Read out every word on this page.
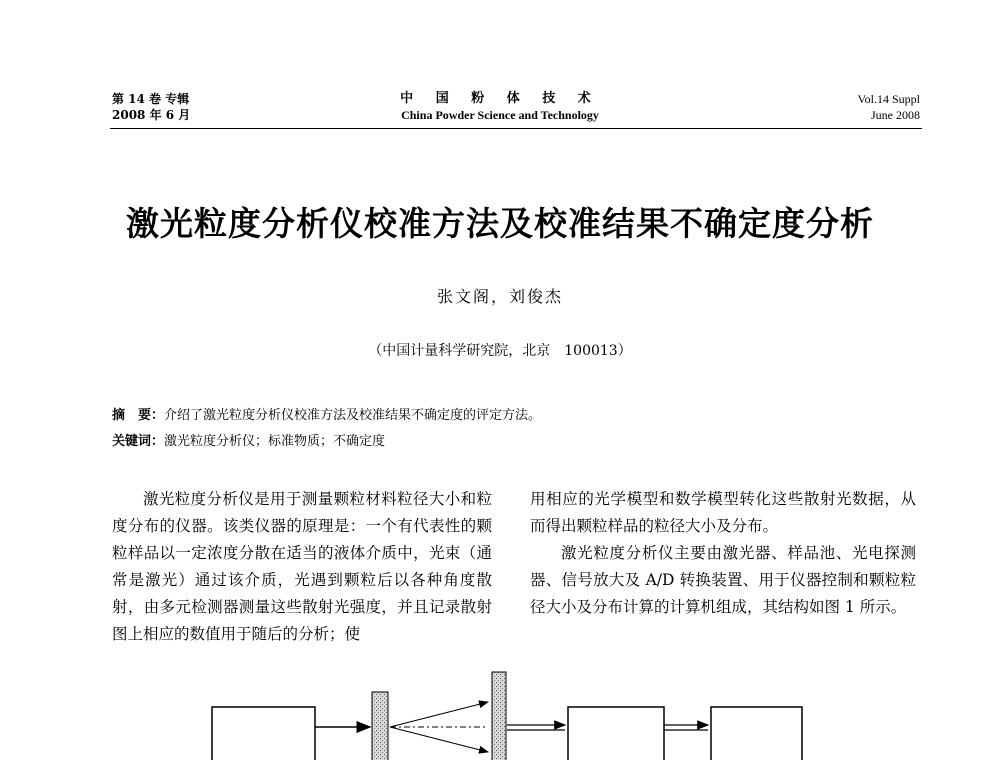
第 14 卷 专辑
2008 年 6 月
中 国 粉 体 技 术
China Powder Science and Technology
Vol.14 Suppl
June 2008
激光粒度分析仪校准方法及校准结果不确定度分析
张文阁，刘俊杰
（中国计量科学研究院，北京　100013）
摘　要：介绍了激光粒度分析仪校准方法及校准结果不确定度的评定方法。
关键词：激光粒度分析仪；标准物质；不确定度

激光粒度分析仪是用于测量颗粒材料粒径大小和粒度分布的仪器。该类仪器的原理是：一个有代表性的颗粒样品以一定浓度分散在适当的液体介质中，光束（通常是激光）通过该介质，光遇到颗粒后以各种角度散射，由多元检测器测量这些散射光强度，并且记录散射图上相应的数值用于随后的分析；使

用相应的光学模型和数学模型转化这些散射光数据，从而得出颗粒样品的粒径大小及分布。

激光粒度分析仪主要由激光器、样品池、光电探测器、信号放大及 A/D 转换装置、用于仪器控制和颗粒粒径大小及分布计算的计算机组成，其结构如图 1 所示。
